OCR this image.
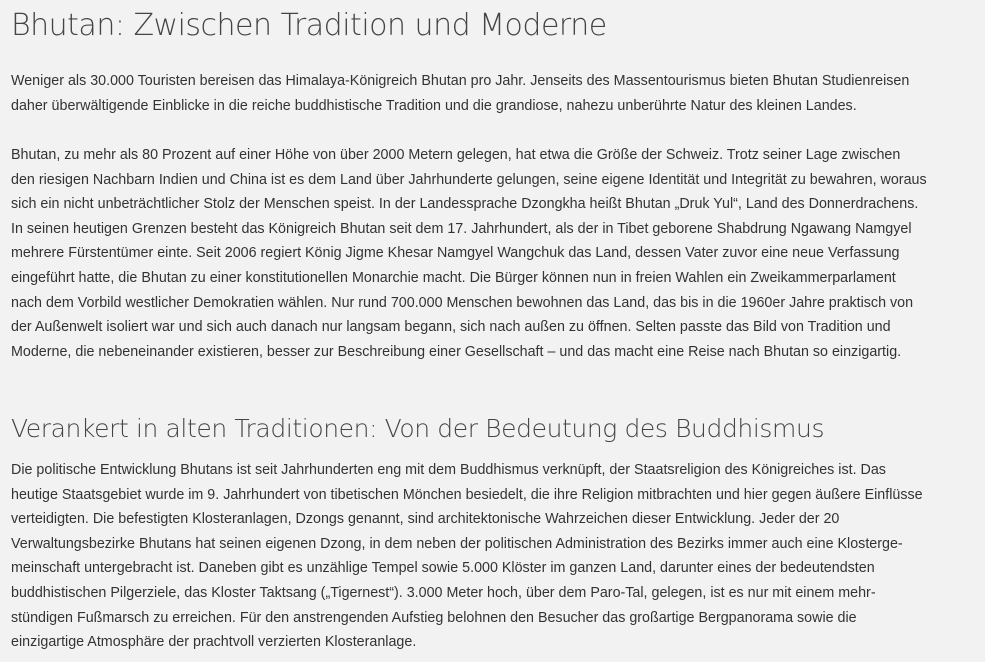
Bhutan: Zwischen Tradition und Moderne

Weniger als 30.000 Touristen bereisen das Himalaya-Königreich Bhutan pro Jahr. Jenseits des Massentourismus bieten Bhutan Studienreisen
daher überwältigende Einblicke in die reiche buddhistische Tradition und die grandiose, nahezu unberührte Natur des kleinen Landes.

Bhutan, zu mehr als 80 Prozent auf einer Höhe von über 2000 Metern gelegen, hat etwa die Größe der Schweiz. Trotz seiner Lage zwischen
den riesigen Nachbarn Indien und China ist es dem Land über Jahrhunderte gelungen, seine eigene Identität und Integrität zu bewahren, woraus
sich ein nicht unbeträchtlicher Stolz der Menschen speist. In der Landessprache Dzongkha heißt Bhutan „Druk Yul“, Land des Donnerdrachens.
In seinen heutigen Grenzen besteht das Königreich Bhutan seit dem 17. Jahrhundert, als der in Tibet geborene Shabdrung Ngawang Namgyel
mehrere Fürstentümer einte. Seit 2006 regiert König Jigme Khesar Namgyel Wangchuk das Land, dessen Vater zuvor eine neue Verfassung
eingeführt hatte, die Bhutan zu einer konstitutionellen Monarchie macht. Die Bürger können nun in freien Wahlen ein Zweikammerparlament
nach dem Vorbild westlicher Demokratien wählen. Nur rund 700.000 Menschen bewohnen das Land, das bis in die 1960er Jahre praktisch von
der Außenwelt isoliert war und sich auch danach nur langsam begann, sich nach außen zu öffnen. Selten passte das Bild von Tradition und
Moderne, die nebeneinander existieren, besser zur Beschreibung einer Gesellschaft – und das macht eine Reise nach Bhutan so einzigartig.

Verankert in alten Traditionen: Von der Bedeutung des Buddhismus

Die politische Entwicklung Bhutans ist seit Jahrhunderten eng mit dem Buddhismus verknüpft, der Staatsreligion des Königreiches ist. Das
heutige Staatsgebiet wurde im 9. Jahrhundert von tibetischen Mönchen besiedelt, die ihre Religion mitbrachten und hier gegen äußere Einflüsse
verteidigten. Die befestigten Klosteranlagen, Dzongs genannt, sind architektonische Wahrzeichen dieser Entwicklung. Jeder der 20
Verwaltungsbezirke Bhutans hat seinen eigenen Dzong, in dem neben der politischen Administration des Bezirks immer auch eine Klosterge-
meinschaft untergebracht ist. Daneben gibt es unzählige Tempel sowie 5.000 Klöster im ganzen Land, darunter eines der bedeutendsten
buddhistischen Pilgerziele, das Kloster Taktsang („Tigernest“). 3.000 Meter hoch, über dem Paro-Tal, gelegen, ist es nur mit einem mehr-
stündigen Fußmarsch zu erreichen. Für den anstrengenden Aufstieg belohnen den Besucher das großartige Bergpanorama sowie die
einzigartige Atmosphäre der prachtvoll verzierten Klosteranlage.
